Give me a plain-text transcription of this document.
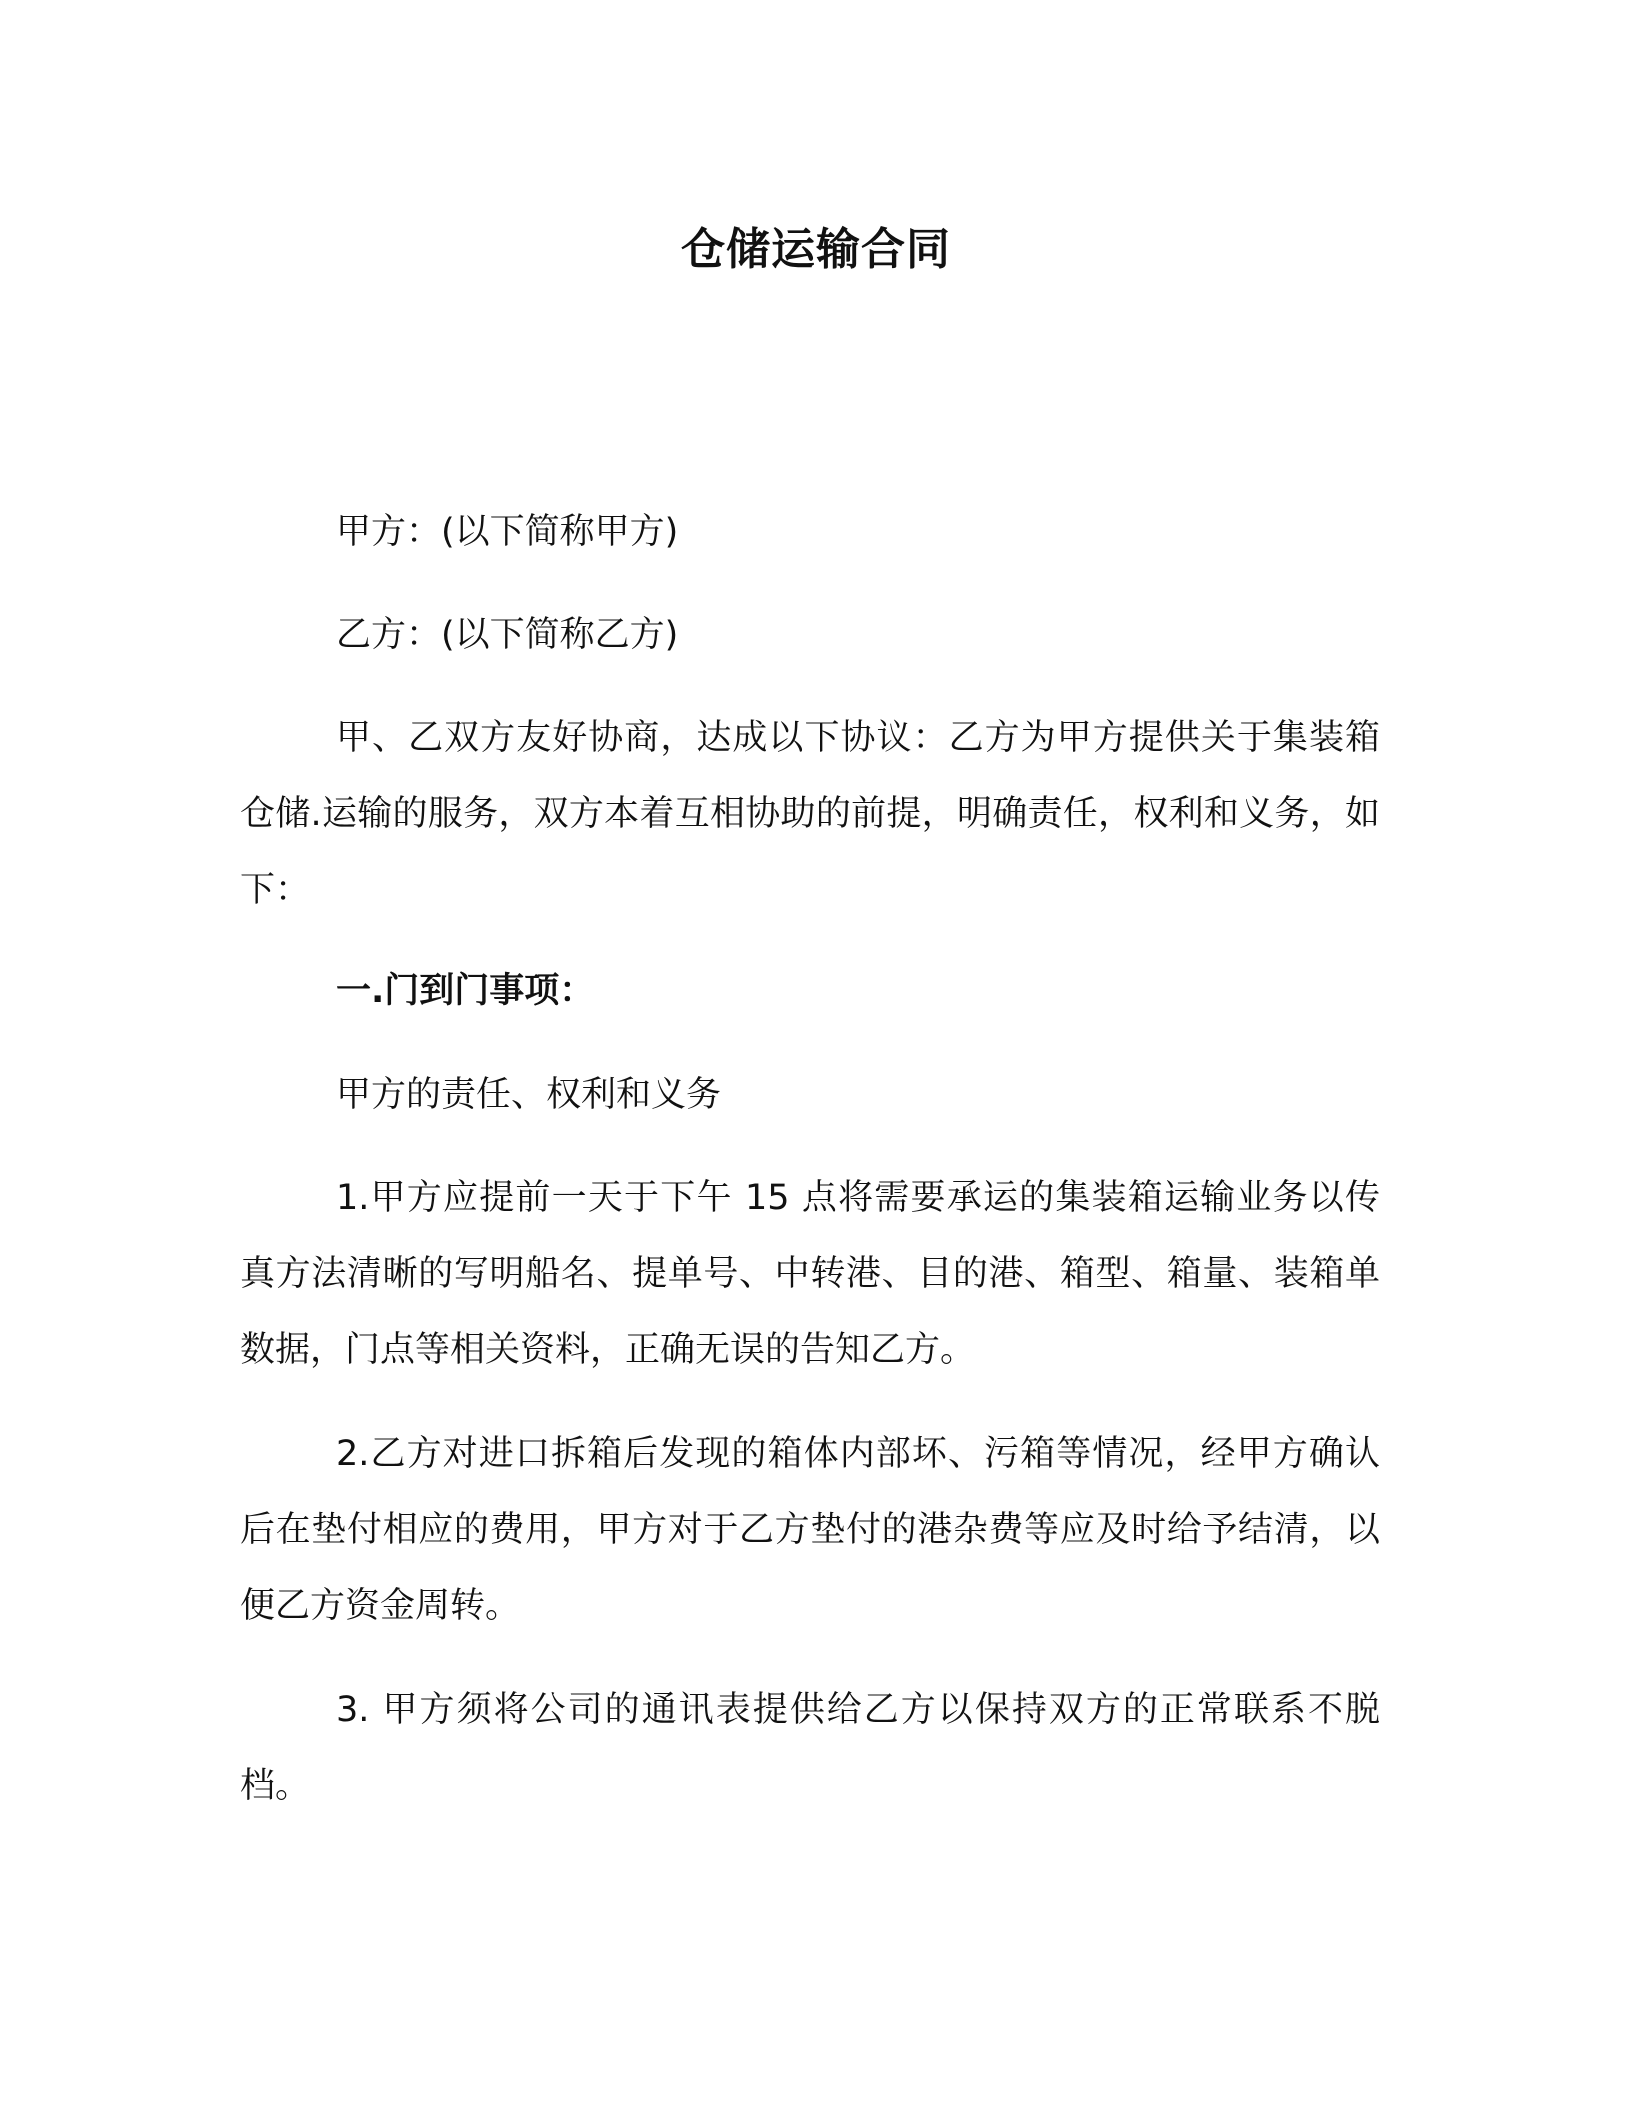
仓储运输合同

甲方：(以下简称甲方)

乙方：(以下简称乙方)

甲、乙双方友好协商，达成以下协议：乙方为甲方提供关于集装箱仓储.运输的服务，双方本着互相协助的前提，明确责任，权利和义务，如下：

一.门到门事项：

甲方的责任、权利和义务

1.甲方应提前一天于下午 15 点将需要承运的集装箱运输业务以传真方法清晰的写明船名、提单号、中转港、目的港、箱型、箱量、装箱单数据，门点等相关资料，正确无误的告知乙方。

2.乙方对进口拆箱后发现的箱体内部坏、污箱等情况，经甲方确认后在垫付相应的费用，甲方对于乙方垫付的港杂费等应及时给予结清，以便乙方资金周转。

3. 甲方须将公司的通讯表提供给乙方以保持双方的正常联系不脱档。
